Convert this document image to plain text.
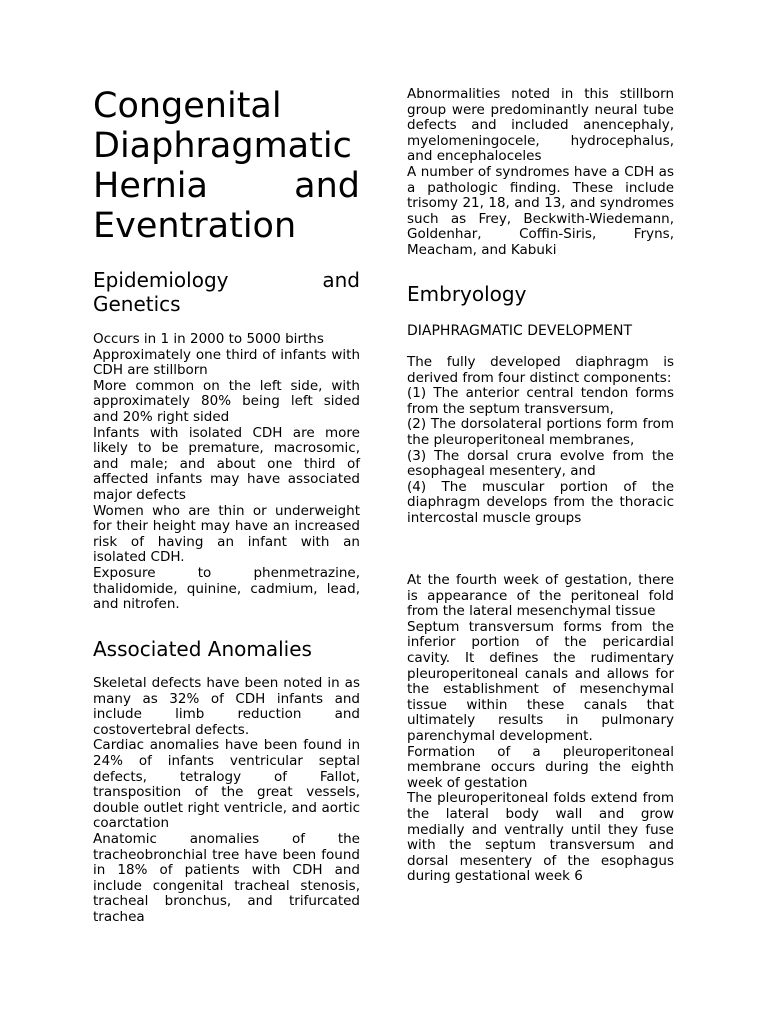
Congenital Diaphragmatic Hernia and Eventration
Epidemiology and Genetics

Occurs in 1 in 2000 to 5000 births

Approximately one third of infants with CDH are stillborn

More common on the left side, with approximately 80% being left sided and 20% right sided

Infants with isolated CDH are more likely to be premature, macrosomic, and male; and about one third of affected infants may have associated major defects

Women who are thin or underweight for their height may have an increased risk of having an infant with an isolated CDH.

Exposure to phenmetrazine, thalidomide, quinine, cadmium, lead, and nitrofen.

Associated Anomalies

Skeletal defects have been noted in as many as 32% of CDH infants and include limb reduction and costovertebral defects.

Cardiac anomalies have been found in 24% of infants ventricular septal defects, tetralogy of Fallot, transposition of the great vessels, double outlet right ventricle, and aortic coarctation

Anatomic anomalies of the tracheobronchial tree have been found in 18% of patients with CDH and include congenital tracheal stenosis, tracheal bronchus, and trifurcated trachea

Abnormalities noted in this stillborn group were predominantly neural tube defects and included anencephaly, myelomeningocele, hydrocephalus, and encephaloceles

A number of syndromes have a CDH as a pathologic finding. These include trisomy 21, 18, and 13, and syndromes such as Frey, Beckwith-Wiedemann, Goldenhar, Coffin-Siris, Fryns, Meacham, and Kabuki

Embryology
DIAPHRAGMATIC DEVELOPMENT

The fully developed diaphragm is derived from four distinct components:

(1) The anterior central tendon forms from the septum transversum,

(2) The dorsolateral portions form from the pleuroperitoneal membranes,

(3) The dorsal crura evolve from the esophageal mesentery, and

(4) The muscular portion of the diaphragm develops from the thoracic intercostal muscle groups

At the fourth week of gestation, there is appearance of the peritoneal fold from the lateral mesenchymal tissue

Septum transversum forms from the inferior portion of the pericardial cavity. It defines the rudimentary pleuroperitoneal canals and allows for the establishment of mesenchymal tissue within these canals that ultimately results in pulmonary parenchymal development.

Formation of a pleuroperitoneal membrane occurs during the eighth week of gestation

The pleuroperitoneal folds extend from the lateral body wall and grow medially and ventrally until they fuse with the septum transversum and dorsal mesentery of the esophagus during gestational week 6
